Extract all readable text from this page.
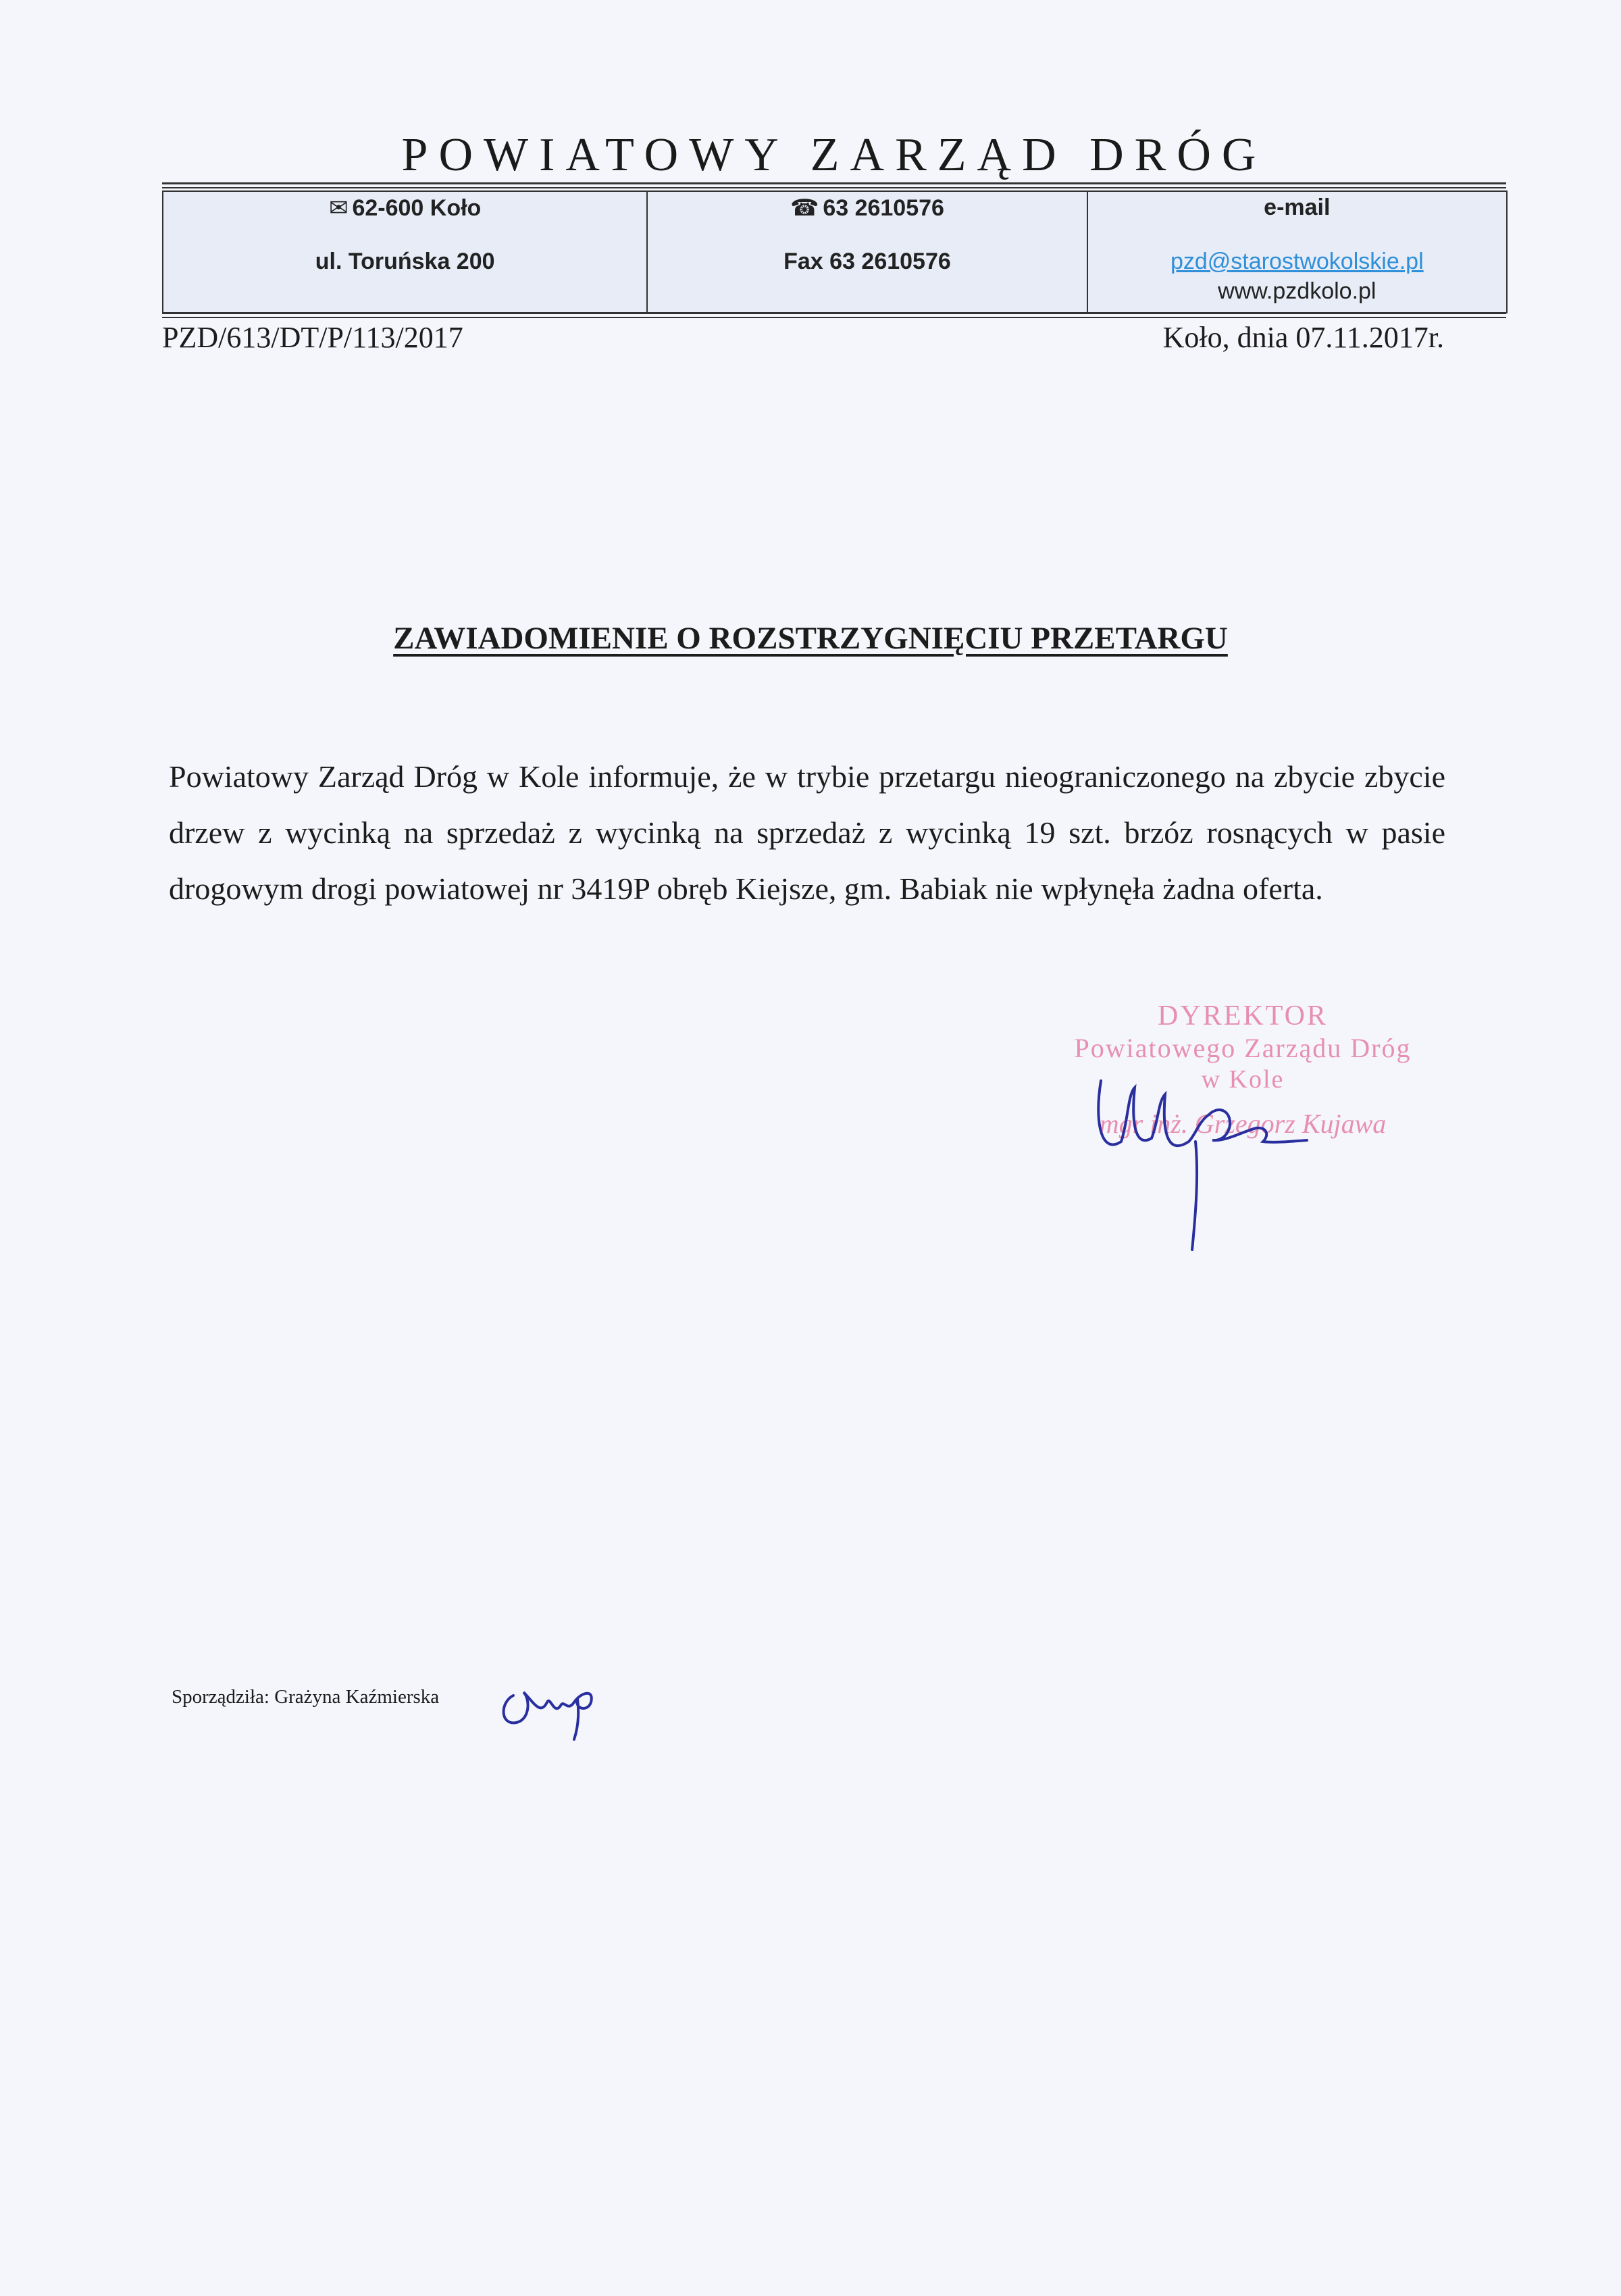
POWIATOWY ZARZĄD DRÓG
✉ 62-600 Koło
ul. Toruńska 200
☎ 63 2610576
Fax 63 2610576
e-mail
pzd@starostwokolskie.pl
www.pzdkolo.pl
PZD/613/DT/P/113/2017	Koło, dnia 07.11.2017r.
ZAWIADOMIENIE O ROZSTRZYGNIĘCIU PRZETARGU
Powiatowy Zarząd Dróg w Kole informuje, że w trybie przetargu nieograniczonego na zbycie zbycie drzew z wycinką na sprzedaż z wycinką na sprzedaż z wycinką 19 szt. brzóz rosnących w pasie drogowym drogi powiatowej nr 3419P obręb Kiejsze, gm. Babiak nie wpłynęła żadna oferta.
DYREKTOR
Powiatowego Zarządu Dróg
w Kole
mgr inż. Grzegorz Kujawa
Sporządziła: Grażyna Kaźmierska
